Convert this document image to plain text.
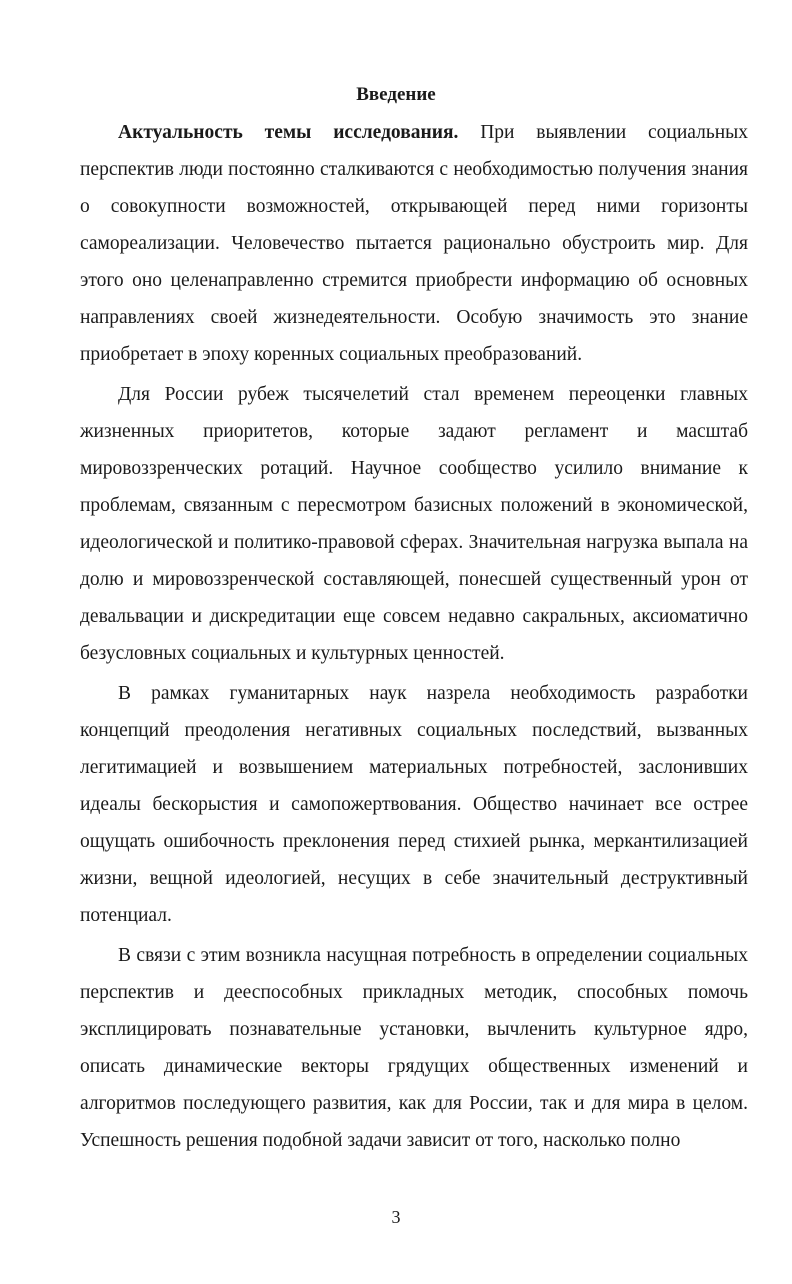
Введение

Актуальность темы исследования. При выявлении социальных перспектив люди постоянно сталкиваются с необходимостью получения знания о совокупности возможностей, открывающей перед ними горизонты самореализации. Человечество пытается рационально обустроить мир. Для этого оно целенаправленно стремится приобрести информацию об основных направлениях своей жизнедеятельности. Особую значимость это знание приобретает в эпоху коренных социальных преобразований.

Для России рубеж тысячелетий стал временем переоценки главных жизненных приоритетов, которые задают регламент и масштаб мировоззренческих ротаций. Научное сообщество усилило внимание к проблемам, связанным с пересмотром базисных положений в экономической, идеологической и политико-правовой сферах. Значительная нагрузка выпала на долю и мировоззренческой составляющей, понесшей существенный урон от девальвации и дискредитации еще совсем недавно сакральных, аксиоматично безусловных социальных и культурных ценностей.

В рамках гуманитарных наук назрела необходимость разработки концепций преодоления негативных социальных последствий, вызванных легитимацией и возвышением материальных потребностей, заслонивших идеалы бескорыстия и самопожертвования. Общество начинает все острее ощущать ошибочность преклонения перед стихией рынка, меркантилизацией жизни, вещной идеологией, несущих в себе значительный деструктивный потенциал.

В связи с этим возникла насущная потребность в определении социальных перспектив и дееспособных прикладных методик, способных помочь эксплицировать познавательные установки, вычленить культурное ядро, описать динамические векторы грядущих общественных изменений и алгоритмов последующего развития, как для России, так и для мира в целом. Успешность решения подобной задачи зависит от того, насколько полно

3
